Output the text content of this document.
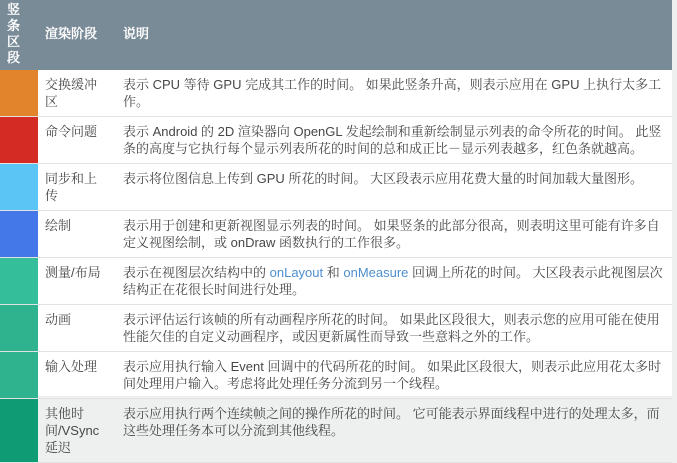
竖条区段	渲染阶段	说明
	交换缓冲区	表示 CPU 等待 GPU 完成其工作的时间。 如果此竖条升高，则表示应用在 GPU 上执行太多工作。
	命令问题	表示 Android 的 2D 渲染器向 OpenGL 发起绘制和重新绘制显示列表的命令所花的时间。 此竖条的高度与它执行每个显示列表所花的时间的总和成正比－显示列表越多，红色条就越高。
	同步和上传	表示将位图信息上传到 GPU 所花的时间。 大区段表示应用花费大量的时间加载大量图形。
	绘制	表示用于创建和更新视图显示列表的时间。 如果竖条的此部分很高，则表明这里可能有许多自定义视图绘制，或 onDraw 函数执行的工作很多。
	测量/布局	表示在视图层次结构中的 onLayout 和 onMeasure 回调上所花的时间。 大区段表示此视图层次结构正在花很长时间进行处理。
	动画	表示评估运行该帧的所有动画程序所花的时间。 如果此区段很大，则表示您的应用可能在使用性能欠佳的自定义动画程序，或因更新属性而导致一些意料之外的工作。
	输入处理	表示应用执行输入 Event 回调中的代码所花的时间。 如果此区段很大，则表示此应用花太多时间处理用户输入。考虑将此处理任务分流到另一个线程。
	其他时间/VSync 延迟	表示应用执行两个连续帧之间的操作所花的时间。 它可能表示界面线程中进行的处理太多，而这些处理任务本可以分流到其他线程。
